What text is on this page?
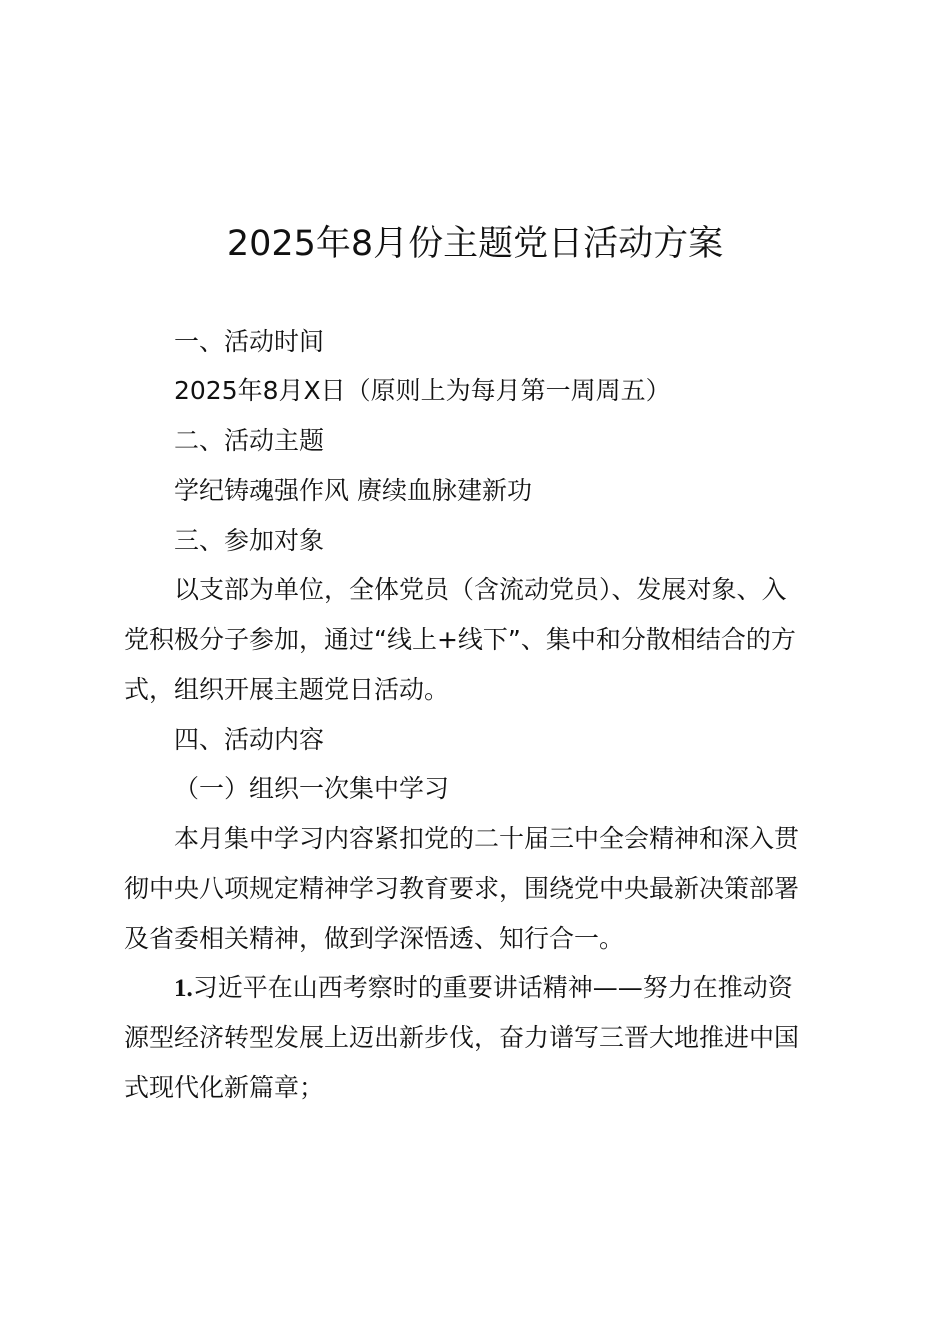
2025年8月份主题党日活动方案
一、活动时间
2025年8月X日（原则上为每月第一周周五）
二、活动主题
学纪铸魂强作风 赓续血脉建新功
三、参加对象
以支部为单位，全体党员（含流动党员）、发展对象、入
党积极分子参加，通过“线上+线下”、集中和分散相结合的方
式，组织开展主题党日活动。
四、活动内容
（一）组织一次集中学习
本月集中学习内容紧扣党的二十届三中全会精神和深入贯
彻中央八项规定精神学习教育要求，围绕党中央最新决策部署
及省委相关精神，做到学深悟透、知行合一。
1.习近平在山西考察时的重要讲话精神——努力在推动资
源型经济转型发展上迈出新步伐，奋力谱写三晋大地推进中国
式现代化新篇章；
